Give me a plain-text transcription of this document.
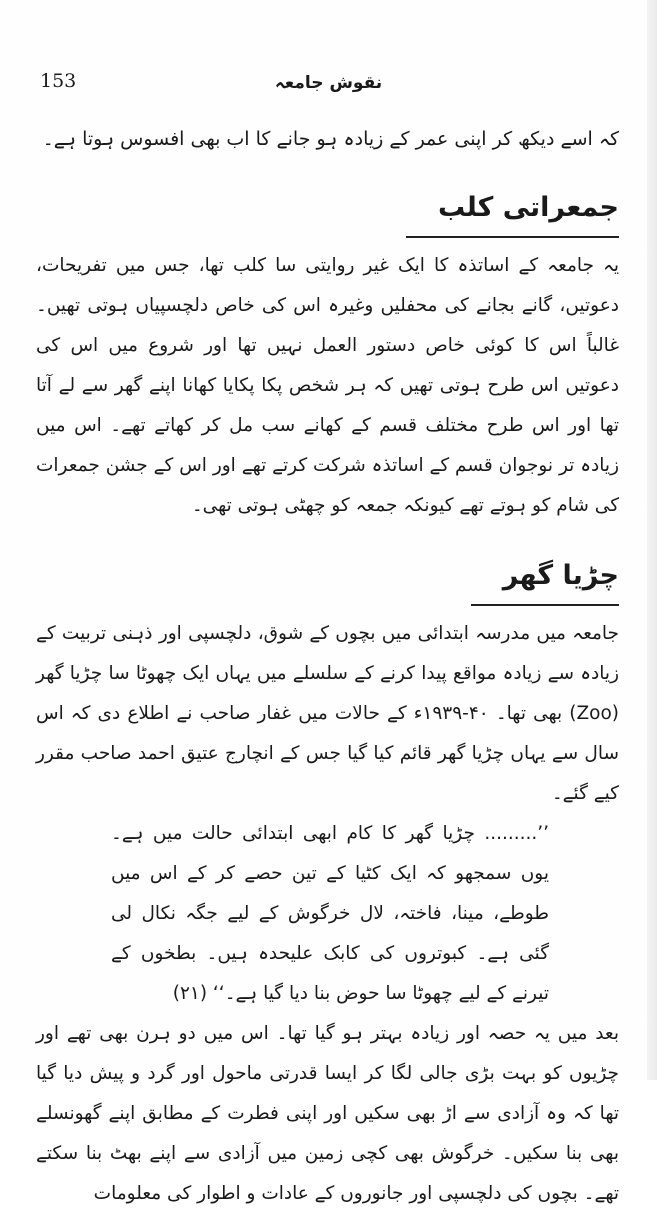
153	نقوش جامعہ

کہ اسے دیکھ کر اپنی عمر کے زیادہ ہو جانے کا اب بھی افسوس ہوتا ہے۔

جمعراتی کلب

یہ جامعہ کے اساتذہ کا ایک غیر روایتی سا کلب تھا، جس میں تفریحات، دعوتیں، گانے بجانے کی محفلیں وغیرہ اس کی خاص دلچسپیاں ہوتی تھیں۔ غالباً اس کا کوئی خاص دستور العمل نہیں تھا اور شروع میں اس کی دعوتیں اس طرح ہوتی تھیں کہ ہر شخص پکا پکایا کھانا اپنے گھر سے لے آتا تھا اور اس طرح مختلف قسم کے کھانے سب مل کر کھاتے تھے۔ اس میں زیادہ تر نوجوان قسم کے اساتذہ شرکت کرتے تھے اور اس کے جشن جمعرات کی شام کو ہوتے تھے کیونکہ جمعہ کو چھٹی ہوتی تھی۔

چڑیا گھر

جامعہ میں مدرسہ ابتدائی میں بچوں کے شوق، دلچسپی اور ذہنی تربیت کے زیادہ سے زیادہ مواقع پیدا کرنے کے سلسلے میں یہاں ایک چھوٹا سا چڑیا گھر (Zoo) بھی تھا۔ ۴۰-۱۹۳۹ء کے حالات میں غفار صاحب نے اطلاع دی کہ اس سال سے یہاں چڑیا گھر قائم کیا گیا جس کے انچارج عتیق احمد صاحب مقرر کیے گئے۔

’’......... چڑیا گھر کا کام ابھی ابتدائی حالت میں ہے۔ یوں سمجھو کہ ایک کٹیا کے تین حصے کر کے اس میں طوطے، مینا، فاختہ، لال خرگوش کے لیے جگہ نکال لی گئی ہے۔ کبوتروں کی کابک علیحدہ ہیں۔ بطخوں کے تیرنے کے لیے چھوٹا سا حوض بنا دیا گیا ہے۔‘‘ (۲۱)

بعد میں یہ حصہ اور زیادہ بہتر ہو گیا تھا۔ اس میں دو ہرن بھی تھے اور چڑیوں کو بہت بڑی جالی لگا کر ایسا قدرتی ماحول اور گرد و پیش دیا گیا تھا کہ وہ آزادی سے اڑ بھی سکیں اور اپنی فطرت کے مطابق اپنے گھونسلے بھی بنا سکیں۔ خرگوش بھی کچی زمین میں آزادی سے اپنے بھٹ بنا سکتے تھے۔ بچوں کی دلچسپی اور جانوروں کے عادات و اطوار کی معلومات
